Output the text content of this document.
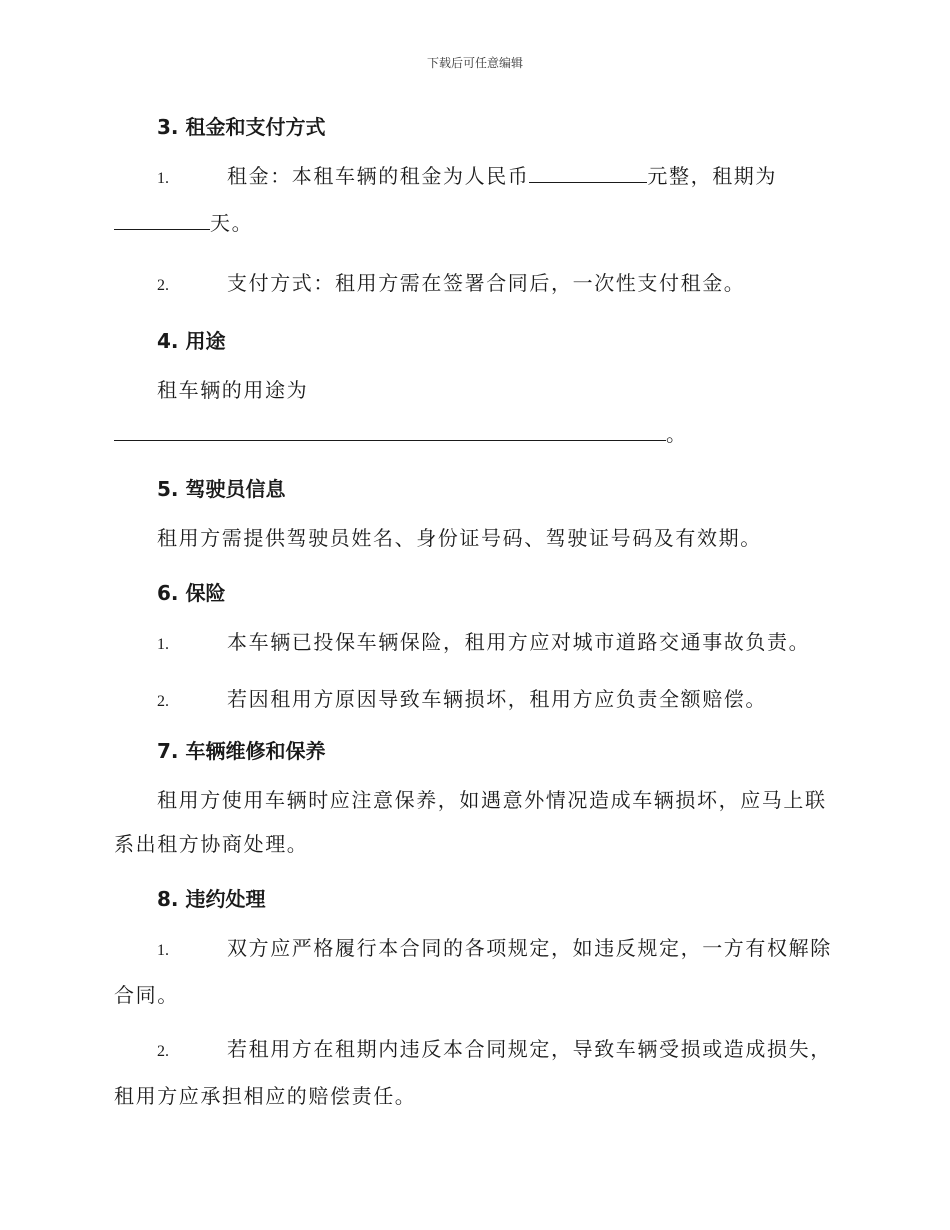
下载后可任意编辑
3. 租金和支付方式

1.	租金：本租车辆的租金为人民币	元整，租期为
天。

2.	支付方式：租用方需在签署合同后，一次性支付租金。

4. 用途

租车辆的用途为

。

5. 驾驶员信息

租用方需提供驾驶员姓名、身份证号码、驾驶证号码及有效期。

6. 保险

1.	本车辆已投保车辆保险，租用方应对城市道路交通事故负责。

2.	若因租用方原因导致车辆损坏，租用方应负责全额赔偿。

7. 车辆维修和保养

租用方使用车辆时应注意保养，如遇意外情况造成车辆损坏，应马上联
系出租方协商处理。

8. 违约处理

1.	双方应严格履行本合同的各项规定，如违反规定，一方有权解除
合同。

2.	若租用方在租期内违反本合同规定，导致车辆受损或造成损失，
租用方应承担相应的赔偿责任。
